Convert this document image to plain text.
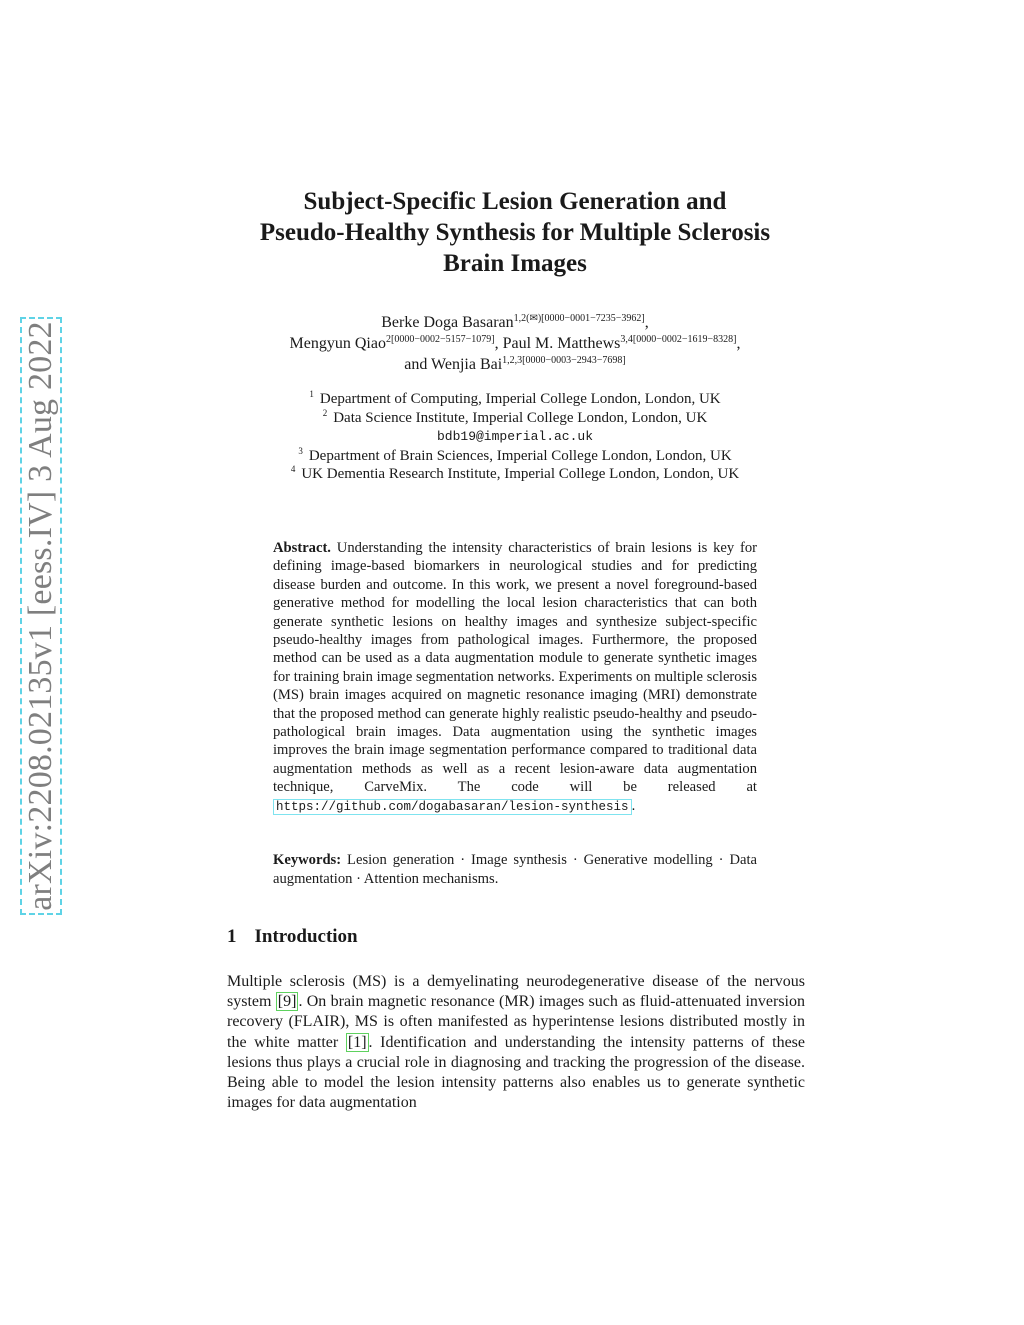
arXiv:2208.02135v1 [eess.IV] 3 Aug 2022
Subject-Specific Lesion Generation and
Pseudo-Healthy Synthesis for Multiple Sclerosis
Brain Images
Berke Doga Basaran$^{1,2(✉)[0000-0001-7235-3962]}$,
Mengyun Qiao$^{2[0000-0002-5157-1079]}$, Paul M. Matthews$^{3,4[0000-0002-1619-8328]}$,
and Wenjia Bai$^{1,2,3[0000-0003-2943-7698]}$
$^1$ Department of Computing, Imperial College London, London, UK
$^2$ Data Science Institute, Imperial College London, London, UK
bdb19@imperial.ac.uk
$^3$ Department of Brain Sciences, Imperial College London, London, UK
$^4$ UK Dementia Research Institute, Imperial College London, London, UK
Abstract. Understanding the intensity characteristics of brain lesions is key for defining image-based biomarkers in neurological studies and for predicting disease burden and outcome. In this work, we present a novel foreground-based generative method for modelling the local lesion characteristics that can both generate synthetic lesions on healthy images and synthesize subject-specific pseudo-healthy images from pathological images. Furthermore, the proposed method can be used as a data augmentation module to generate synthetic images for training brain image segmentation networks. Experiments on multiple sclerosis (MS) brain images acquired on magnetic resonance imaging (MRI) demonstrate that the proposed method can generate highly realistic pseudo-healthy and pseudo-pathological brain images. Data augmentation using the synthetic images improves the brain image segmentation performance compared to traditional data augmentation methods as well as a recent lesion-aware data augmentation technique, CarveMix. The code will be released at https://github.com/dogabasaran/lesion-synthesis .
Keywords: Lesion generation · Image synthesis · Generative modelling · Data augmentation · Attention mechanisms.
1 Introduction
Multiple sclerosis (MS) is a demyelinating neurodegenerative disease of the nervous system [9] . On brain magnetic resonance (MR) images such as fluid-attenuated inversion recovery (FLAIR), MS is often manifested as hyperintense lesions distributed mostly in the white matter [1] . Identification and understanding the intensity patterns of these lesions thus plays a crucial role in diagnosing and tracking the progression of the disease. Being able to model the lesion intensity patterns also enables us to generate synthetic images for data augmentation
